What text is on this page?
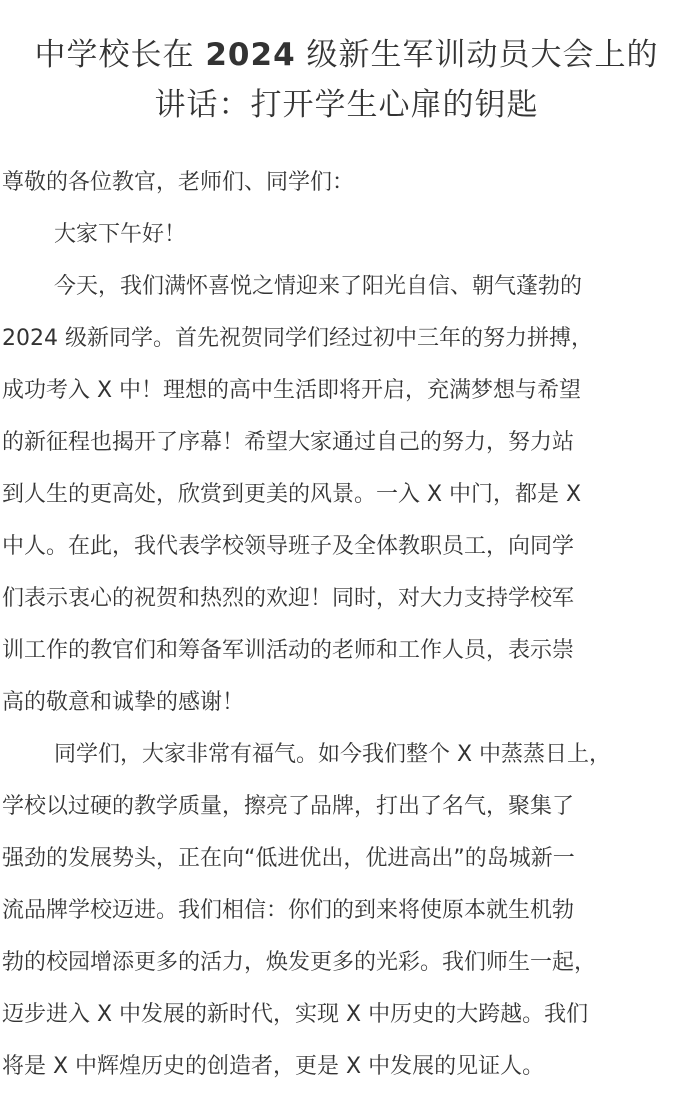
中学校长在 2024 级新生军训动员大会上的
讲话：打开学生心扉的钥匙

尊敬的各位教官，老师们、同学们：

大家下午好！

今天，我们满怀喜悦之情迎来了阳光自信、朝气蓬勃的
2024 级新同学。首先祝贺同学们经过初中三年的努力拼搏，
成功考入 X 中！理想的高中生活即将开启，充满梦想与希望
的新征程也揭开了序幕！希望大家通过自己的努力，努力站
到人生的更高处，欣赏到更美的风景。一入 X 中门，都是 X
中人。在此，我代表学校领导班子及全体教职员工，向同学
们表示衷心的祝贺和热烈的欢迎！同时，对大力支持学校军
训工作的教官们和筹备军训活动的老师和工作人员，表示崇
高的敬意和诚挚的感谢！

同学们，大家非常有福气。如今我们整个 X 中蒸蒸日上，
学校以过硬的教学质量，擦亮了品牌，打出了名气，聚集了
强劲的发展势头，正在向“低进优出，优进高出”的岛城新一
流品牌学校迈进。我们相信：你们的到来将使原本就生机勃
勃的校园增添更多的活力，焕发更多的光彩。我们师生一起，
迈步进入 X 中发展的新时代，实现 X 中历史的大跨越。我们
将是 X 中辉煌历史的创造者，更是 X 中发展的见证人。
